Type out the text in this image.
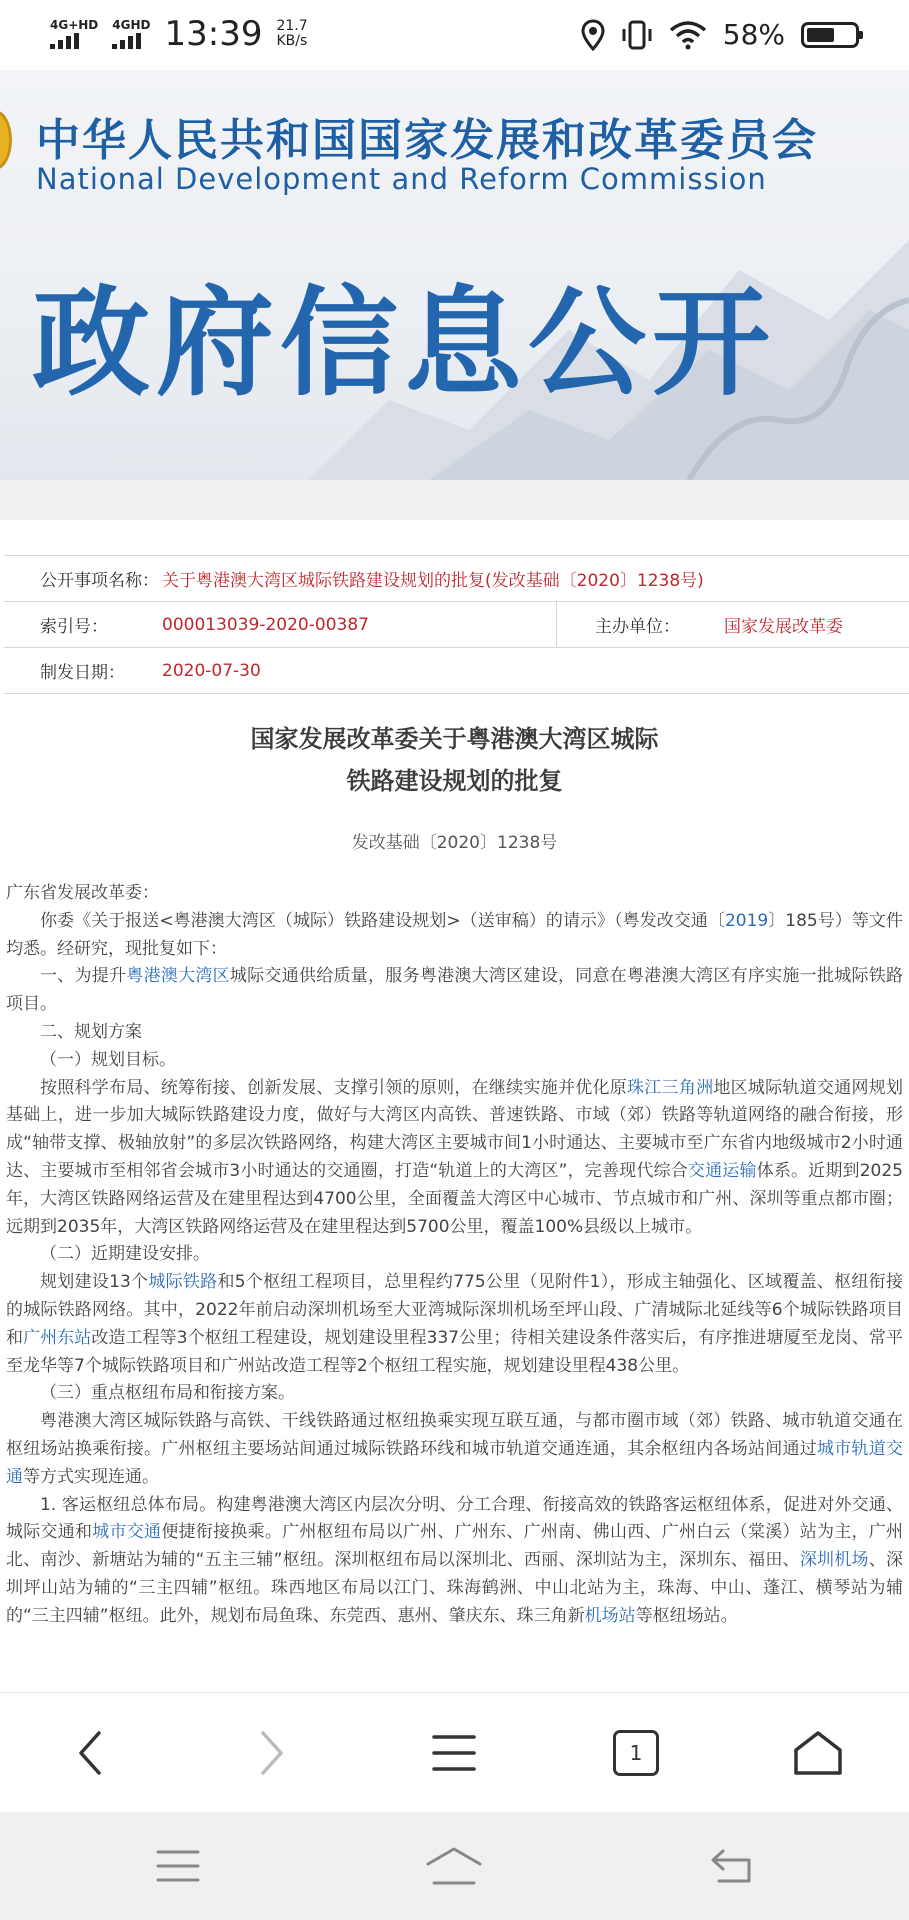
4G+HD 4GHD 13:39 21.7
KB/s	58%
中华人民共和国国家发展和改革委员会
National Development and Reform Commission
政府信息公开
公开事项名称： 关于粤港澳大湾区城际铁路建设规划的批复(发改基础〔2020〕1238号)
索引号：	000013039-2020-00387	主办单位：	国家发展改革委
制发日期：	2020-07-30
国家发展改革委关于粤港澳大湾区城际
铁路建设规划的批复
发改基础〔2020〕1238号

广东省发展改革委：

你委《关于报送<粤港澳大湾区（城际）铁路建设规划>（送审稿）的请示》（粤发改交通〔2019〕185号）等文件均悉。经研究，现批复如下：

一、为提升粤港澳大湾区城际交通供给质量，服务粤港澳大湾区建设，同意在粤港澳大湾区有序实施一批城际铁路项目。

二、规划方案

（一）规划目标。

按照科学布局、统筹衔接、创新发展、支撑引领的原则，在继续实施并优化原珠江三角洲地区城际轨道交通网规划基础上，进一步加大城际铁路建设力度，做好与大湾区内高铁、普速铁路、市域（郊）铁路等轨道网络的融合衔接，形成“轴带支撑、极轴放射”的多层次铁路网络，构建大湾区主要城市间1小时通达、主要城市至广东省内地级城市2小时通达、主要城市至相邻省会城市3小时通达的交通圈，打造“轨道上的大湾区”，完善现代综合交通运输体系。近期到2025年，大湾区铁路网络运营及在建里程达到4700公里，全面覆盖大湾区中心城市、节点城市和广州、深圳等重点都市圈；远期到2035年，大湾区铁路网络运营及在建里程达到5700公里，覆盖100%县级以上城市。

（二）近期建设安排。

规划建设13个城际铁路和5个枢纽工程项目，总里程约775公里（见附件1），形成主轴强化、区域覆盖、枢纽衔接的城际铁路网络。其中，2022年前启动深圳机场至大亚湾城际深圳机场至坪山段、广清城际北延线等6个城际铁路项目和广州东站改造工程等3个枢纽工程建设，规划建设里程337公里；待相关建设条件落实后，有序推进塘厦至龙岗、常平至龙华等7个城际铁路项目和广州站改造工程等2个枢纽工程实施，规划建设里程438公里。

（三）重点枢纽布局和衔接方案。

粤港澳大湾区城际铁路与高铁、干线铁路通过枢纽换乘实现互联互通，与都市圈市域（郊）铁路、城市轨道交通在枢纽场站换乘衔接。广州枢纽主要场站间通过城际铁路环线和城市轨道交通连通，其余枢纽内各场站间通过城市轨道交通等方式实现连通。

1. 客运枢纽总体布局。构建粤港澳大湾区内层次分明、分工合理、衔接高效的铁路客运枢纽体系，促进对外交通、城际交通和城市交通便捷衔接换乘。广州枢纽布局以广州、广州东、广州南、佛山西、广州白云（棠溪）站为主，广州北、南沙、新塘站为辅的“五主三辅”枢纽。深圳枢纽布局以深圳北、西丽、深圳站为主，深圳东、福田、深圳机场、深圳坪山站为辅的“三主四辅”枢纽。珠西地区布局以江门、珠海鹤洲、中山北站为主，珠海、中山、蓬江、横琴站为辅的“三主四辅”枢纽。此外，规划布局鱼珠、东莞西、惠州、肇庆东、珠三角新机场站等枢纽场站。

1
